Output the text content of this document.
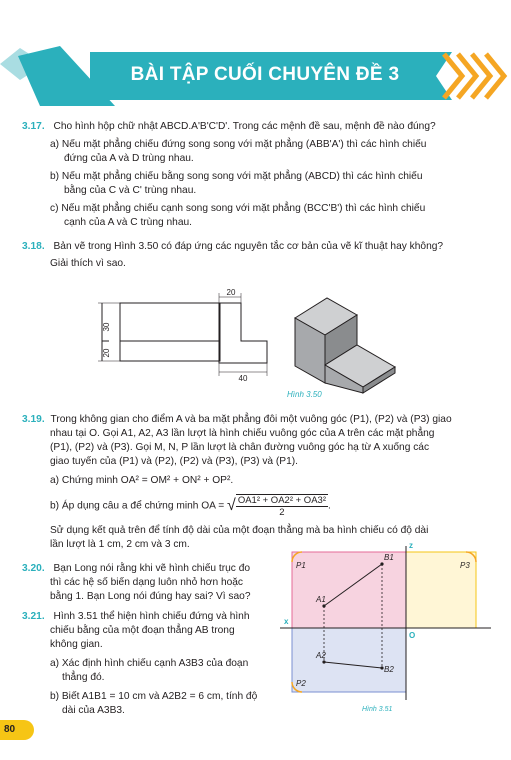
BÀI TẬP CUỐI CHUYÊN ĐỀ 3
3.17. Cho hình hộp chữ nhật ABCD.A'B'C'D'. Trong các mệnh đề sau, mệnh đề nào đúng?
a) Nếu mặt phẳng chiếu đứng song song với mặt phẳng (ABB'A') thì các hình chiếu
đứng của A và D trùng nhau.
b) Nếu mặt phẳng chiếu bằng song song với mặt phẳng (ABCD) thì các hình chiếu
bằng của C và C' trùng nhau.
c) Nếu mặt phẳng chiếu cạnh song song với mặt phẳng (BCC'B') thì các hình chiếu
cạnh của A và C trùng nhau.
3.18. Bản vẽ trong Hình 3.50 có đáp ứng các nguyên tắc cơ bản của vẽ kĩ thuật hay không?
Giải thích vì sao.
30
20
20
40
Hình 3.50
3.19. Trong không gian cho điểm A và ba mặt phẳng đôi một vuông góc (P1), (P2) và (P3) giao
nhau tại O. Gọi A1, A2, A3 lần lượt là hình chiếu vuông góc của A trên các mặt phẳng
(P1), (P2) và (P3). Gọi M, N, P lần lượt là chân đường vuông góc hạ từ A xuống các
giao tuyến của (P1) và (P2), (P2) và (P3), (P3) và (P1).
a) Chứng minh OA² = OM² + ON² + OP².
b) Áp dụng câu a để chứng minh OA = √ $\frac{\text{OA1² + OA2² + OA3²}}{2}$ .
Sử dụng kết quả trên để tính độ dài của một đoạn thẳng mà ba hình chiếu có độ dài
lần lượt là 1 cm, 2 cm và 3 cm.
3.20. Bạn Long nói rằng khi vẽ hình chiếu trục đo
thì các hệ số biến dạng luôn nhỏ hơn hoặc
bằng 1. Bạn Long nói đúng hay sai? Vì sao?
3.21. Hình 3.51 thể hiện hình chiếu đứng và hình
chiếu bằng của một đoạn thẳng AB trong
không gian.
a) Xác định hình chiếu cạnh A3B3 của đoạn
thẳng đó.
b) Biết A1B1 = 10 cm và A2B2 = 6 cm, tính độ
dài của A3B3.
P1	P3
P2
A1
B1
A2
B2
x
z
O
Hình 3.51
80
